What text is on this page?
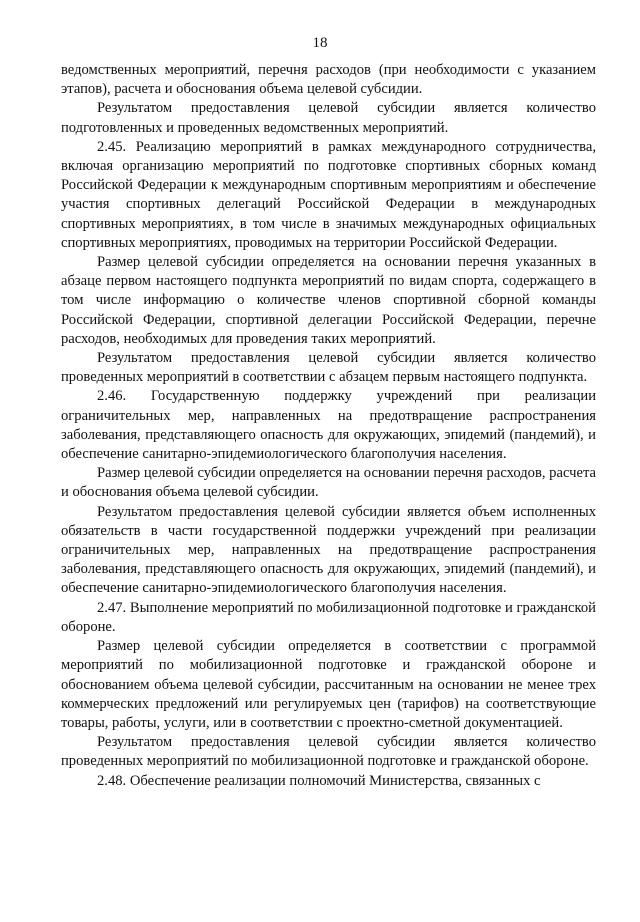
18

ведомственных мероприятий, перечня расходов (при необходимости с указанием этапов), расчета и обоснования объема целевой субсидии.

Результатом предоставления целевой субсидии является количество подготовленных и проведенных ведомственных мероприятий.

2.45. Реализацию мероприятий в рамках международного сотрудничества, включая организацию мероприятий по подготовке спортивных сборных команд Российской Федерации к международным спортивным мероприятиям и обеспечение участия спортивных делегаций Российской Федерации в международных спортивных мероприятиях, в том числе в значимых международных официальных спортивных мероприятиях, проводимых на территории Российской Федерации.

Размер целевой субсидии определяется на основании перечня указанных в абзаце первом настоящего подпункта мероприятий по видам спорта, содержащего в том числе информацию о количестве членов спортивной сборной команды Российской Федерации, спортивной делегации Российской Федерации, перечне расходов, необходимых для проведения таких мероприятий.

Результатом предоставления целевой субсидии является количество проведенных мероприятий в соответствии с абзацем первым настоящего подпункта.

2.46. Государственную поддержку учреждений при реализации ограничительных мер, направленных на предотвращение распространения заболевания, представляющего опасность для окружающих, эпидемий (пандемий), и обеспечение санитарно-эпидемиологического благополучия населения.

Размер целевой субсидии определяется на основании перечня расходов, расчета и обоснования объема целевой субсидии.

Результатом предоставления целевой субсидии является объем исполненных обязательств в части государственной поддержки учреждений при реализации ограничительных мер, направленных на предотвращение распространения заболевания, представляющего опасность для окружающих, эпидемий (пандемий), и обеспечение санитарно-эпидемиологического благополучия населения.

2.47. Выполнение мероприятий по мобилизационной подготовке и гражданской обороне.

Размер целевой субсидии определяется в соответствии с программой мероприятий по мобилизационной подготовке и гражданской обороне и обоснованием объема целевой субсидии, рассчитанным на основании не менее трех коммерческих предложений или регулируемых цен (тарифов) на соответствующие товары, работы, услуги, или в соответствии с проектно-сметной документацией.

Результатом предоставления целевой субсидии является количество проведенных мероприятий по мобилизационной подготовке и гражданской обороне.

2.48. Обеспечение реализации полномочий Министерства, связанных с
